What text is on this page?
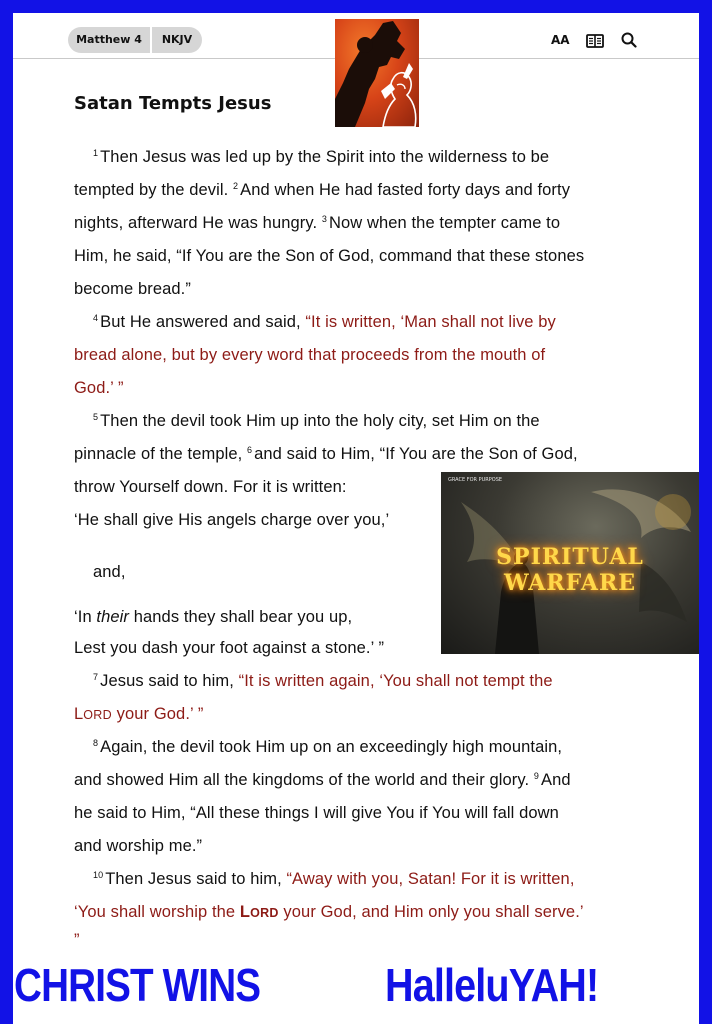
Matthew 4	NKJV	AA
Satan Tempts Jesus
$^1$ Then Jesus was led up by the Spirit into the wilderness to be
tempted by the devil. $^2$ And when He had fasted forty days and forty
nights, afterward He was hungry. $^3$ Now when the tempter came to
Him, he said, “If You are the Son of God, command that these stones
become bread.”
$^4$ But He answered and said, “It is written, ‘Man shall not live by
bread alone, but by every word that proceeds from the mouth of
God.’ ”
$^5$ Then the devil took Him up into the holy city, set Him on the
pinnacle of the temple, $^6$ and said to Him, “If You are the Son of God,
throw Yourself down. For it is written:
‘He shall give His angels charge over you,’
and,
‘In their hands they shall bear you up,
Lest you dash your foot against a stone.’ ”
$^7$ Jesus said to him, “It is written again, ‘You shall not tempt the
LORD your God.’ ”
$^8$ Again, the devil took Him up on an exceedingly high mountain,
and showed Him all the kingdoms of the world and their glory. $^9$ And
he said to Him, “All these things I will give You if You will fall down
and worship me.”
$^{10}$ Then Jesus said to him, “Away with you, Satan! For it is written,
‘You shall worship the LORD your God, and Him only you shall serve.’
”
GRACE FOR PURPOSE
SPIRITUAL WARFARE
CHRIST WINS	HalleluYAH!
